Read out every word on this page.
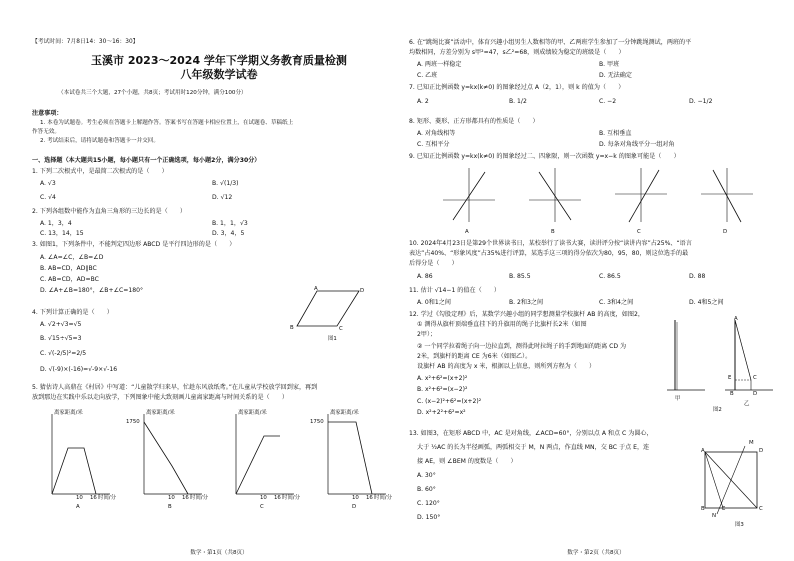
【考试时间：7月8日14：30～16：30】
玉溪市 2023～2024 学年下学期义务教育质量检测
八年级数学试卷
（本试卷共三个大题，27个小题，共8页；考试用时120分钟，满分100分）
注意事项：
1. 本卷为试题卷。考生必须在答题卡上解题作答。答案书写在答题卡相应位置上，在试题卷、草稿纸上
作答无效。
2. 考试结束后，请将试题卷和答题卡一并交回。
一、选择题（本大题共15小题，每小题只有一个正确选项，每小题2分，满分30分）
1. 下列二次根式中，是最简二次根式的是（　　）
A. √3	B. √(1/3)
C. √4	D. √12
2. 下列各组数中能作为直角三角形的三边长的是（　　）
A. 1，3，4	B. 1，1，√3
C. 13，14，15	D. 3，4，5
3. 如图1，下列条件中，不能判定四边形 ABCD 是平行四边形的是（　　）
A. ∠A=∠C，∠B=∠D
B. AB=CD，AD∥BC
C. AB=CD，AD=BC
D. ∠A+∠B=180°，∠B+∠C=180°	A	D
B	C
图1
4. 下列计算正确的是（　　）
A. √2+√3=√5
B. √15÷√5=3
C. √(-2/5)²=2/5
D. √(-9)×(-16)=√-9×√-16
5. 猜估诗人高鼎在《村居》中写道：“儿童散学归来早，忙趁东风放纸鸢。”在儿童从学校放学回到家，再到
放到那边在实践中乐以走向放学，下列图象中能大致刻画儿童离家距离与时间关系的是（　　）
离家距离/米
10 16 时间/分
A
离家距离/米
1750
10 16 时间/分
B
离家距离/米
10 16 时间/分
C
离家距离/米
1750
10 16 时间/分
D
数学・第1页（共8页）
6. 在“跳绳比赛”活动中，体育兴趣小组男生人数相等的甲、乙两班学生参加了一分钟跳绳测试，两班的平
均数相同，方差分别为 s甲²=47，s乙²=68，则成绩较为稳定的班级是（　　）
A. 两班一样稳定	B. 甲班
C. 乙班	D. 无法确定
7. 已知正比例函数 y=kx(k≠0) 的图象经过点 A（2，1），则 k 的值为（　　）
A. 2	B. 1/2	C. −2	D. −1/2
8. 矩形、菱形、正方形都具有的性质是（　　）
A. 对角线相等	B. 互相垂直
C. 互相平分	D. 每条对角线平分一组对角
9. 已知正比例函数 y=kx(k≠0) 的图象经过二、四象限，则一次函数 y=x−k 的图象可能是（　　）
A	B	C	D
10. 2024年4月23日是第29个世界读书日，某校举行了读书大赛，读讲评分按“读讲内容”占25%、“语言
表达”占40%、“形象风度”占35%进行评算，某选手这三项的得分依次为80，95，80，则这位选手的最
后得分是（　　）
A. 86	B. 85.5	C. 86.5	D. 88
11. 估计 √14−1 的值在（　　）
A. 0和1之间	B. 2和3之间	C. 3和4之间	D. 4和5之间
12. 学过《勾股定理》后，某数学兴趣小组的同学想测量学校旗杆 AB 的高度，如图2，
① 测得从旗杆顶端垂直挂下的升旗用的绳子比旗杆长2米（如图
2甲）；
② 一个同学拉着绳子向一边拉直到，测得此时拉绳子的手到地面的距离 CD 为
2米，到旗杆的距离 CE 为6米（如图乙）。
设旗杆 AB 的高度为 x 米，根据以上信息，则所列方程为（　　）
A. x²+6²=(x+2)²
B. x²+6²=(x−2)²
C. (x−2)²+6²=(x+2)²
D. x²+2²+6²=x²
A
E	C
D
B
甲
乙
图2
13. 如图3，在矩形 ABCD 中，AC 是对角线，∠ACD=60°，分别以点 A 和点 C 为圆心，
大于 ½AC 的长为半径画弧，两弧相交于 M，N 两点，作直线 MN，交 BC 于点 E，连
接 AE，则 ∠BEM 的度数是（　　）
A. 30°
B. 60°
C. 120°
D. 150°
A	D
B	C
M
N
E
图3
数学・第2页（共8页）
